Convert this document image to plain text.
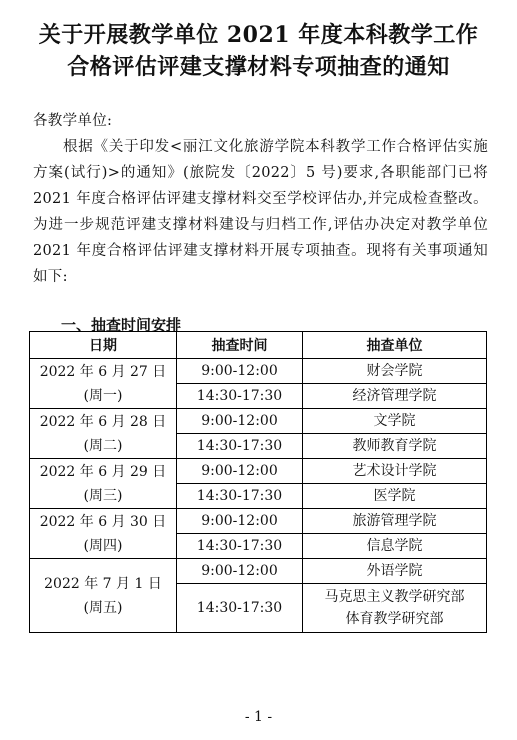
关于开展教学单位 2021 年度本科教学工作
合格评估评建支撑材料专项抽查的通知

各教学单位:

根据《关于印发<丽江文化旅游学院本科教学工作合格评估实施方案(试行)>的通知》(旅院发〔2022〕5 号)要求,各职能部门已将 2021 年度合格评估评建支撑材料交至学校评估办,并完成检查整改。为进一步规范评建支撑材料建设与归档工作,评估办决定对教学单位 2021 年度合格评估评建支撑材料开展专项抽查。现将有关事项通知如下:

一、抽查时间安排
日期	抽查时间	抽查单位

2022 年 6 月 27 日
(周一)	9:00-12:00	财会学院
	14:30-17:30	经济管理学院

2022 年 6 月 28 日
(周二)	9:00-12:00	文学院
	14:30-17:30	教师教育学院

2022 年 6 月 29 日
(周三)	9:00-12:00	艺术设计学院
	14:30-17:30	医学院

2022 年 6 月 30 日
(周四)	9:00-12:00	旅游管理学院
	14:30-17:30	信息学院

2022 年 7 月 1 日
(周五)	9:00-12:00	外语学院
	14:30-17:30	马克思主义教学研究部
体育教学研究部
- 1 -
